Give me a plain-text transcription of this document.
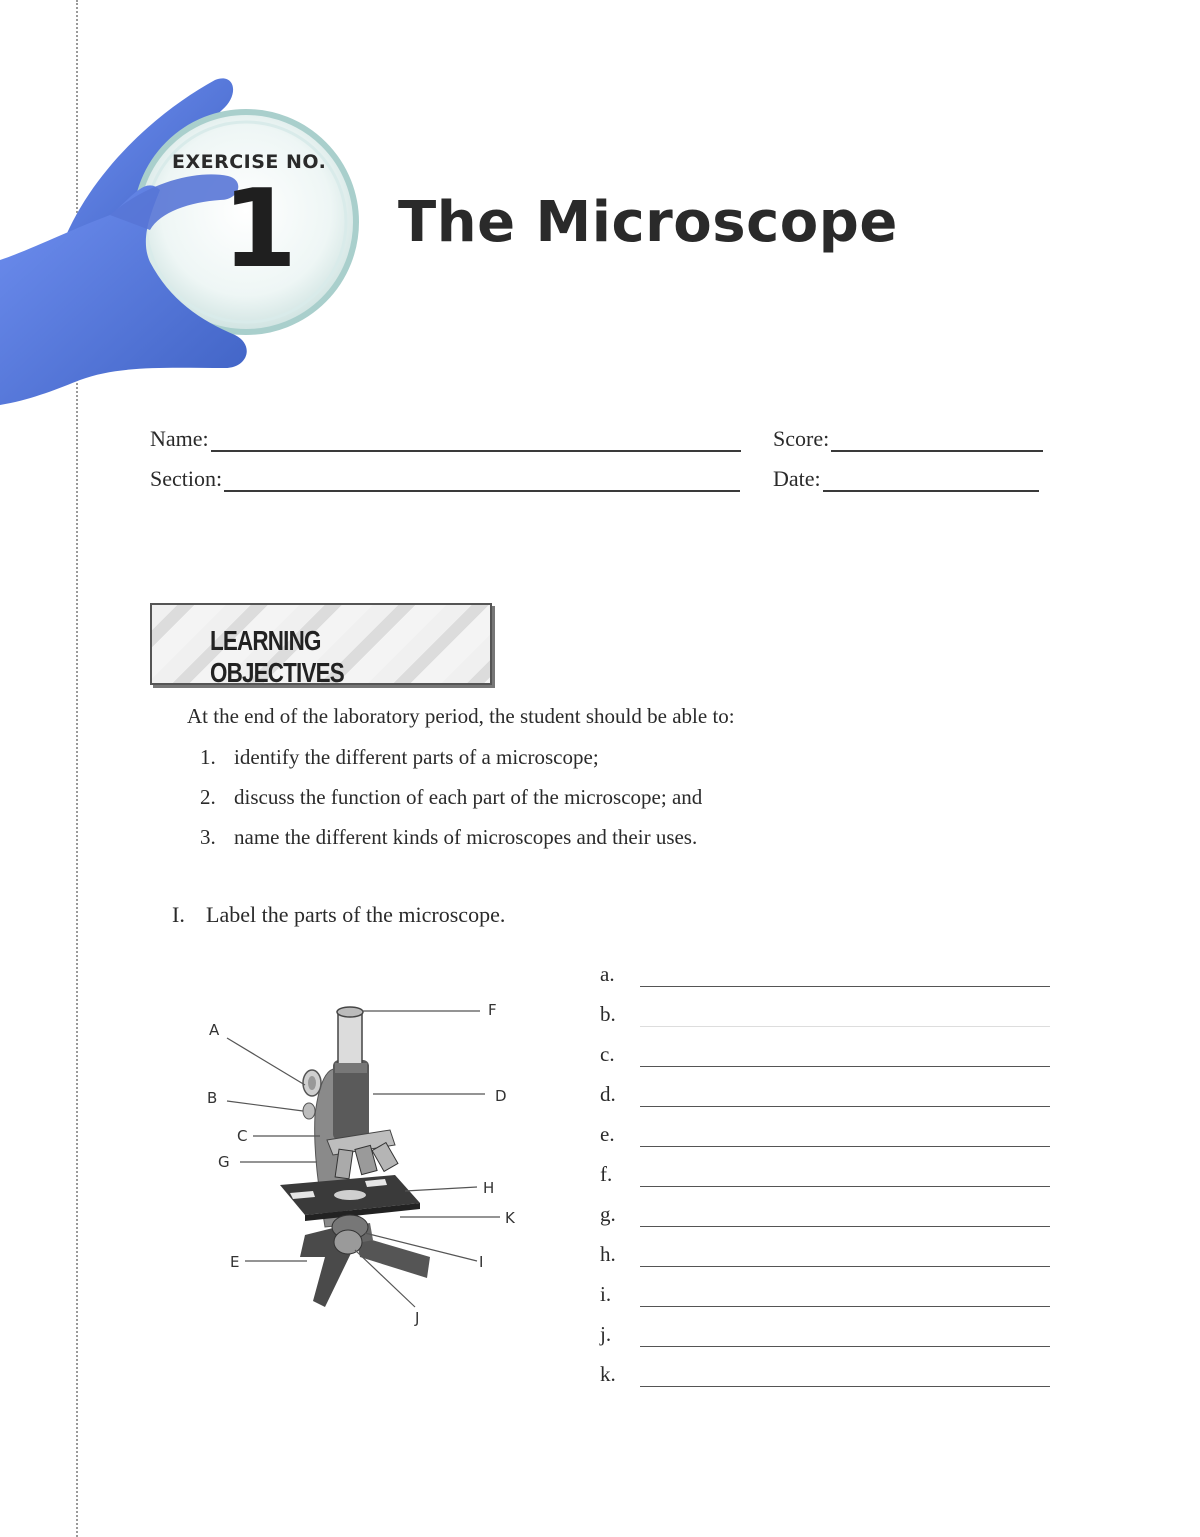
EXERCISE NO.
1 The Microscope
Name:	Score:
Section:	Date:
LEARNING OBJECTIVES
At the end of the laboratory period, the student should be able to:
1. identify the different parts of a microscope;
2. discuss the function of each part of the microscope; and
3. name the different kinds of microscopes and their uses.
I. Label the parts of the microscope.
A
B
C
D
E
F
G
H
I
J
K
a.
b.
c.
d.
e.
f.
g.
h.
i.
j.
k.
